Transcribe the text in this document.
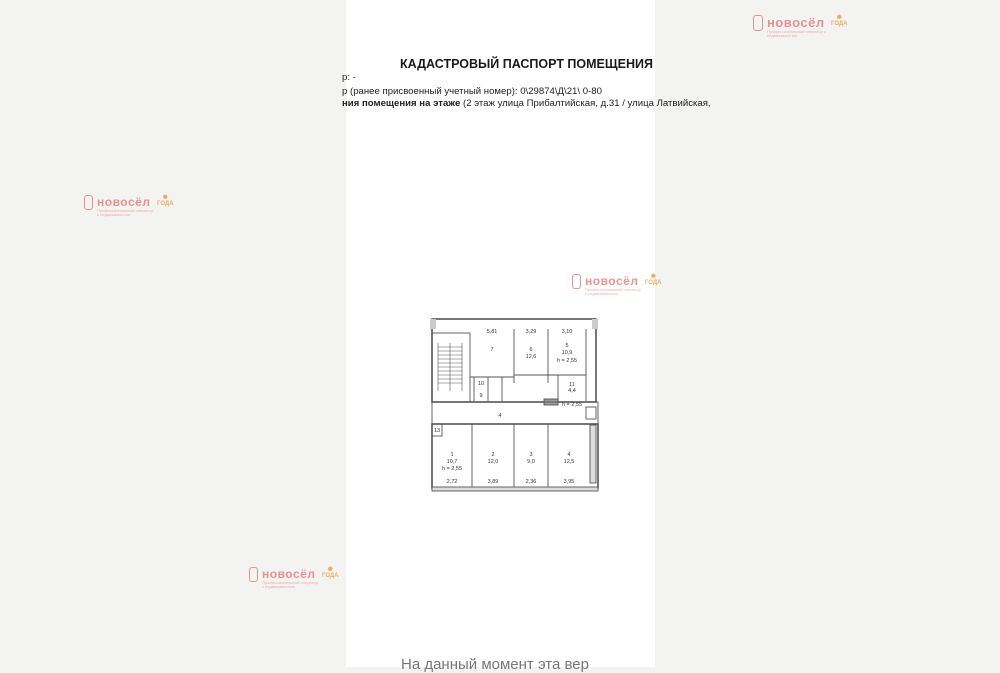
новосёл
Профессиональный оператор с недвижимостью
✺
ГОДА
новосёл
Профессиональный оператор с недвижимостью
✺
ГОДА
новосёл
Профессиональный оператор с недвижимостью
✺
ГОДА
КАДАСТРОВЫЙ ПАСПОРТ ПОМЕЩЕНИЯ
р: -
р (ранее присвоенный учетный номер): 0\29874\Д\21\ 0-80
ния помещения на этаже (2 этаж улица Прибалтийская, д.31 / улица Латвийская,
новосёл
Профессиональный оператор с недвижимостью
✺
ГОДА
7	6
12,6
5
10,9
10	11
4,4
9
5,81	3,29	3,10
h = 2,55
4
1
10,7
2
12,0
3
9,0
4
12,5
13
h = 2,55
h = 2,55
2,72	3,89	2,36	3,95
На данный момент эта вер
